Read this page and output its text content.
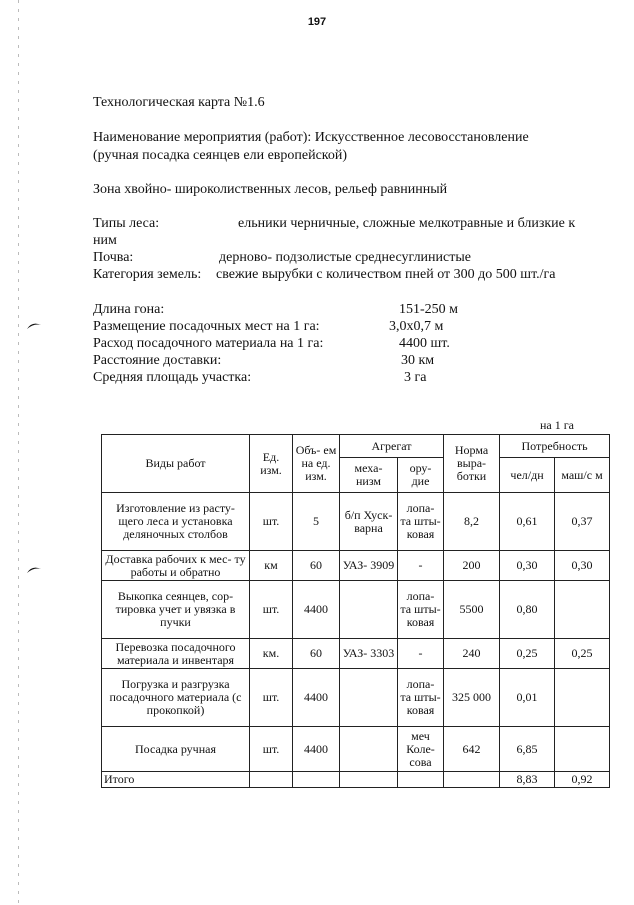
197
Технологическая карта №1.6
Наименование мероприятия (работ): Искусственное лесовосстановление
(ручная посадка сеянцев ели европейской)
Зона хвойно- широколиственных лесов, рельеф равнинный
Типы леса:	ельники черничные, сложные мелкотравные и близкие к
ним
Почва:	дерново- подзолистые среднесуглинистые
Категория земель: свежие вырубки с количеством пней от 300 до 500 шт./га
Длина гона:	151-250 м
Размещение посадочных мест на 1 га:	3,0х0,7 м
Расход посадочного материала на 1 га:	4400 шт.
Расстояние доставки:	30 км
Средняя площадь участка:	3 га
на 1 га
Виды работ	Ед. изм.	Объ- ем на ед. изм.	Агрегат		Норма выра- ботки	Потребность	
			меха- низм	ору- дие		чел/дн	маш/с м
Изготовление из расту- щего леса и установка деляночных столбов	шт.	5	б/п Хуск- варна	лопа- та шты- ковая	8,2	0,61	0,37
Доставка рабочих к мес- ту работы и обратно	км	60	УАЗ- 3909	-	200	0,30	0,30
Выкопка сеянцев, сор- тировка учет и увязка в пучки	шт.	4400		лопа- та шты- ковая	5500	0,80	
Перевозка посадочного материала и инвентаря	км.	60	УАЗ- 3303	-	240	0,25	0,25
Погрузка и разгрузка посадочного материала (с прокопкой)	шт.	4400		лопа- та шты- ковая	325 000	0,01	
Посадка ручная	шт.	4400		меч Коле- сова	642	6,85	
Итого						8,83	0,92
